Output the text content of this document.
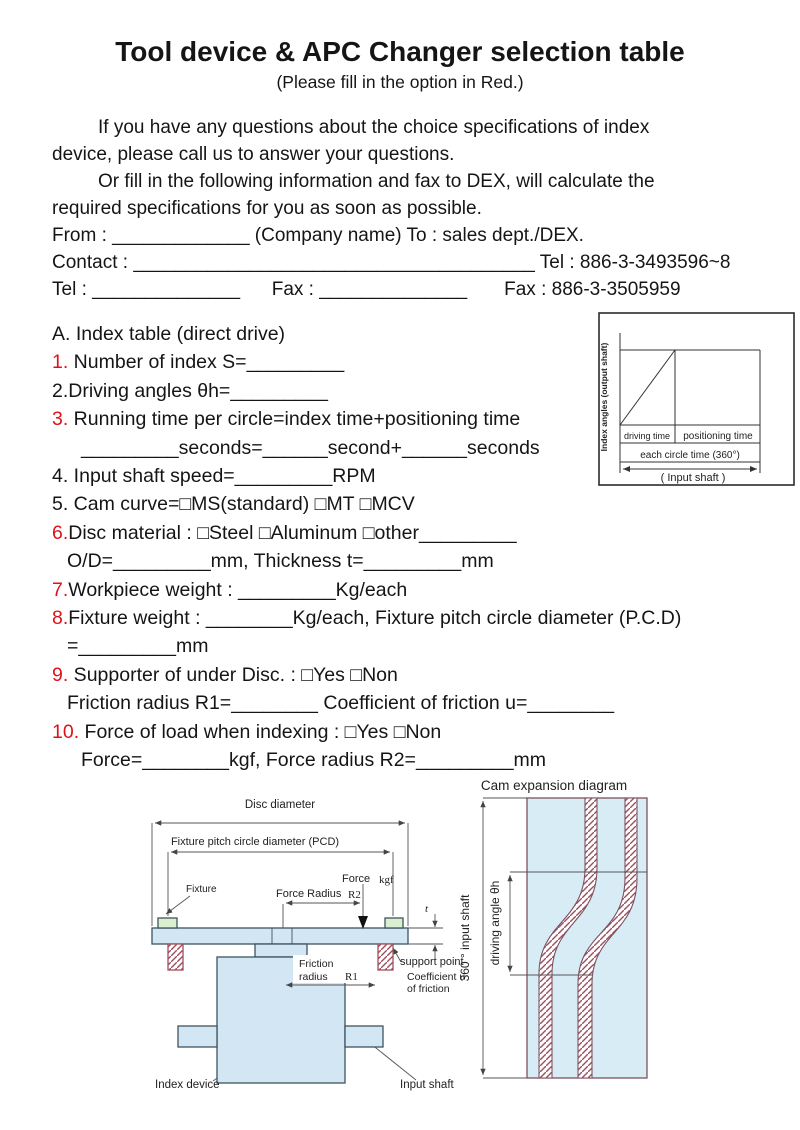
Tool device & APC Changer selection table
(Please fill in the option in Red.)
If you have any questions about the choice specifications of index
device, please call us to answer your questions.
Or fill in the following information and fax to DEX, will calculate the
required specifications for you as soon as possible.
From : _____________ (Company name) To : sales dept./DEX.
Contact : ______________________________________ Tel : 886-3-3493596~8
Tel : ______________      Fax : ______________       Fax : 886-3-3505959
A. Index table (direct drive)
1. Number of index S=_________
2.Driving angles θh=_________
3. Running time per circle=index time+positioning time
_________seconds=______second+______seconds
4. Input shaft speed=_________RPM
5. Cam curve=□MS(standard) □MT □MCV
6.Disc material : □Steel □Aluminum □other_________
O/D=_________mm, Thickness t=_________mm
7.Workpiece weight : _________Kg/each
8.Fixture weight : ________Kg/each, Fixture pitch circle diameter (P.C.D)
=_________mm
9. Supporter of under Disc. : □Yes □Non
Friction radius R1=________ Coefficient of friction u=________
10. Force of load when indexing : □Yes □Non
Force=________kgf, Force radius R2=_________mm
Index angles (output shaft) driving time positioning time
each circle time (360°)
( Input shaft )
Disc diameter
Fixture pitch circle diameter (PCD)
Force kgf
Fixture	Force Radius R2
Friction
radius R1
t
support point
Coefficient u
of friction
Index device	Input shaft
Cam expansion diagram
360 ° input shaft driving angle θh
